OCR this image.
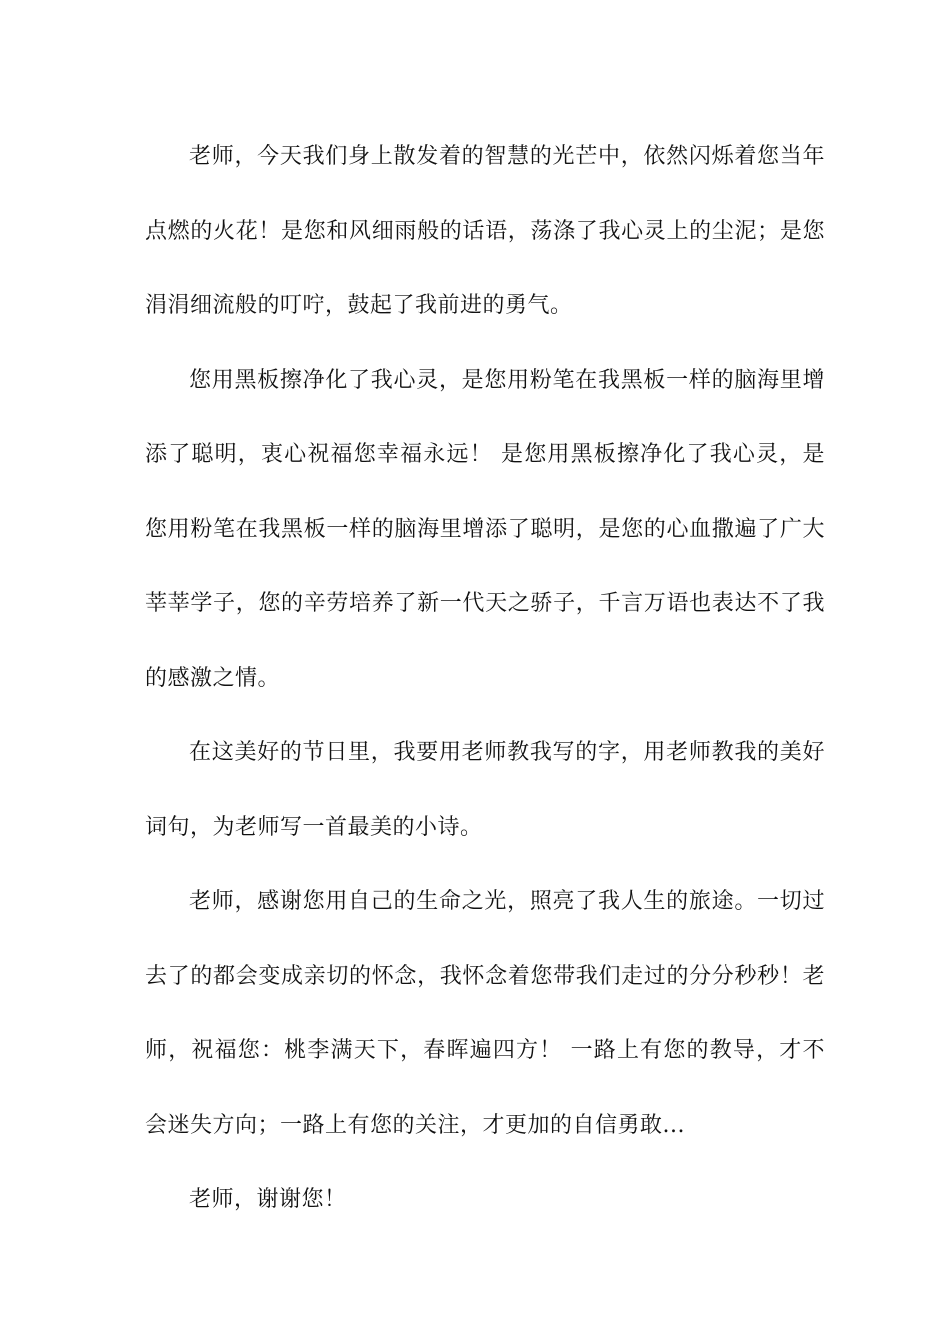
老师，今天我们身上散发着的智慧的光芒中，依然闪烁着您当年点燃的火花！是您和风细雨般的话语，荡涤了我心灵上的尘泥；是您涓涓细流般的叮咛，鼓起了我前进的勇气。

您用黑板擦净化了我心灵，是您用粉笔在我黑板一样的脑海里增添了聪明，衷心祝福您幸福永远！ 是您用黑板擦净化了我心灵，是您用粉笔在我黑板一样的脑海里增添了聪明，是您的心血撒遍了广大莘莘学子，您的辛劳培养了新一代天之骄子，千言万语也表达不了我的感激之情。

在这美好的节日里，我要用老师教我写的字，用老师教我的美好词句，为老师写一首最美的小诗。

老师，感谢您用自己的生命之光，照亮了我人生的旅途。一切过去了的都会变成亲切的怀念，我怀念着您带我们走过的分分秒秒！老师，祝福您：桃李满天下，春晖遍四方！ 一路上有您的教导，才不会迷失方向；一路上有您的关注，才更加的自信勇敢...

老师，谢谢您！
